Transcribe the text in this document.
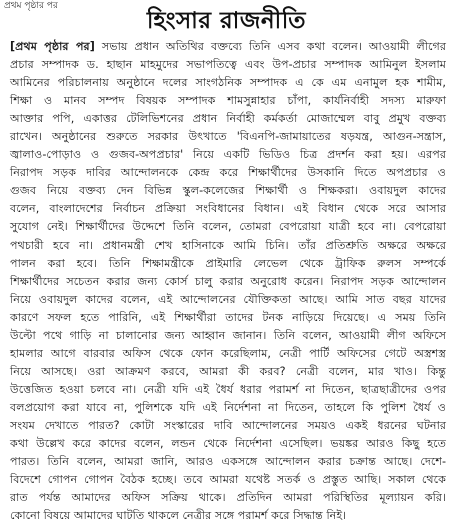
প্রথম পৃষ্ঠার পর
হিংসার রাজনীতি
[প্রথম পৃষ্ঠার পর] সভায় প্রধান অতিথির বক্তব্যে তিনি এসব কথা বলেন। আওয়ামী লীগের
প্রচার সম্পাদক ড. হাছান মাহমুদের সভাপতিত্বে এবং উপ-প্রচার সম্পাদক আমিনুল ইসলাম
আমিনের পরিচালনায় অনুষ্ঠানে দলের সাংগঠনিক সম্পাদক এ কে এম এনামুল হক শামীম,
শিক্ষা ও মানব সম্পদ বিষয়ক সম্পাদক শামসুন্নাহার চাঁপা, কার্যনির্বাহী সদস্য মারুফা
আক্তার পপি, একাত্তর টেলিভিশনের প্রধান নির্বাহী কর্মকর্তা মোজাম্মেল বাবু প্রমুখ বক্তব্য
রাখেন। অনুষ্ঠানের শুরুতে সরকার উৎখাতে 'বিএনপি-জামায়াতের ষড়যন্ত্র, আগুন-সন্ত্রাস,
জ্বালাও-পোড়াও ও গুজব-অপপ্রচার' নিয়ে একটি ভিডিও চিত্র প্রদর্শন করা হয়। এরপর
নিরাপদ সড়ক দাবির আন্দোলনকে কেন্দ্র করে শিক্ষার্থীদের উসকানি দিতে অপপ্রচার ও
গুজব নিয়ে বক্তব্য দেন বিভিন্ন স্কুল-কলেজের শিক্ষার্থী ও শিক্ষকরা। ওবায়দুল কাদের
বলেন, বাংলাদেশের নির্বাচন প্রক্রিয়া সংবিধানের বিধান। এই বিধান থেকে সরে আসার
সুযোগ নেই। শিক্ষার্থীদের উদ্দেশে তিনি বলেন, তোমরা বেপরোয়া যাত্রী হবে না। বেপরোয়া
পথচারী হবে না। প্রধানমন্ত্রী শেখ হাসিনাকে আমি চিনি। তাঁর প্রতিশ্রুতি অক্ষরে অক্ষরে
পালন করা হবে। তিনি শিক্ষামন্ত্রীকে প্রাইমারি লেভেল থেকে ট্রাফিক রুলস সম্পর্কে
শিক্ষার্থীদের সচেতন করার জন্য কোর্স চালু করার অনুরোধ করেন। নিরাপদ সড়ক আন্দোলন
নিয়ে ওবায়দুল কাদের বলেন, এই আন্দোলনের যৌক্তিকতা আছে। আমি সাত বছর যাদের
কারণে সফল হতে পারিনি, এই শিক্ষার্থীরা তাদের টনক নাড়িয়ে দিয়েছে। এ সময় তিনি
উল্টো পথে গাড়ি না চালানোর জন্য আহ্বান জানান। তিনি বলেন, আওয়ামী লীগ অফিসে
হামলার আগে বারবার অফিস থেকে ফোন করেছিলাম, নেত্রী পার্টি অফিসের গেটে অস্ত্রশস্ত্র
নিয়ে আসছে। ওরা আক্রমণ করবে, আমরা কী করব? নেত্রী বলেন, মার খাও। কিন্তু
উত্তেজিত হওয়া চলবে না। নেত্রী যদি এই ধৈর্য ধরার পরামর্শ না দিতেন, ছাত্রছাত্রীদের ওপর
বলপ্রয়োগ করা যাবে না, পুলিশকে যদি এই নির্দেশনা না দিতেন, তাহলে কি পুলিশ ধৈর্য ও
সংযম দেখাতে পারত? কোটা সংস্কারের দাবি আন্দোলনের সময়ও একই ধরনের ঘটনার
কথা উল্লেখ করে কাদের বলেন, লন্ডন থেকে নির্দেশনা এসেছিল। ভয়ঙ্কর আরও কিছু হতে
পারত। তিনি বলেন, আমরা জানি, আরও একসঙ্গে আন্দোলন করার চক্রান্ত আছে। দেশে-
বিদেশে গোপন গোপন বৈঠক হচ্ছে। তবে আমরা যথেষ্ট সতর্ক ও প্রস্তুত আছি। সকাল থেকে
রাত পর্যন্ত আমাদের অফিস সক্রিয় থাকে। প্রতিদিন আমরা পরিস্থিতির মূল্যায়ন করি।
কোনো বিষয়ে আমাদের ঘাটতি থাকলে নেত্রীর সঙ্গে পরামর্শ করে সিদ্ধান্ত নিই।
